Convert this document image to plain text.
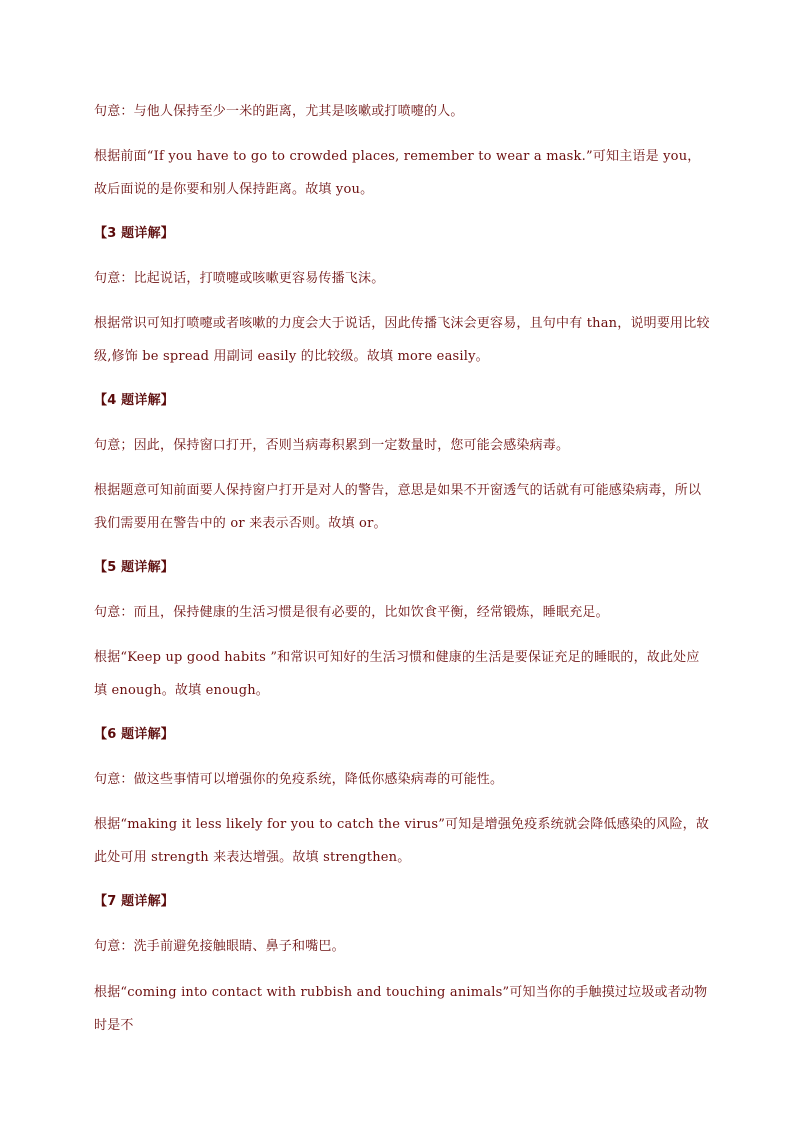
句意：与他人保持至少一米的距离，尤其是咳嗽或打喷嚏的人。
根据前面“If you have to go to crowded places, remember to wear a mask.”可知主语是 you，故后面说的是你要和别人保持距离。故填 you。
【3 题详解】
句意：比起说话，打喷嚏或咳嗽更容易传播飞沫。
根据常识可知打喷嚏或者咳嗽的力度会大于说话，因此传播飞沫会更容易，且句中有 than，说明要用比较级,修饰 be spread 用副词 easily 的比较级。故填 more easily。
【4 题详解】
句意；因此，保持窗口打开，否则当病毒积累到一定数量时，您可能会感染病毒。
根据题意可知前面要人保持窗户打开是对人的警告，意思是如果不开窗透气的话就有可能感染病毒，所以我们需要用在警告中的 or 来表示否则。故填 or。
【5 题详解】
句意：而且，保持健康的生活习惯是很有必要的，比如饮食平衡，经常锻炼，睡眠充足。
根据“Keep up good habits ”和常识可知好的生活习惯和健康的生活是要保证充足的睡眠的，故此处应填 enough。故填 enough。
【6 题详解】
句意：做这些事情可以增强你的免疫系统，降低你感染病毒的可能性。
根据“making it less likely for you to catch the virus”可知是增强免疫系统就会降低感染的风险，故此处可用 strength 来表达增强。故填 strengthen。
【7 题详解】
句意：洗手前避免接触眼睛、鼻子和嘴巴。
根据“coming into contact with rubbish and touching animals”可知当你的手触摸过垃圾或者动物时是不
